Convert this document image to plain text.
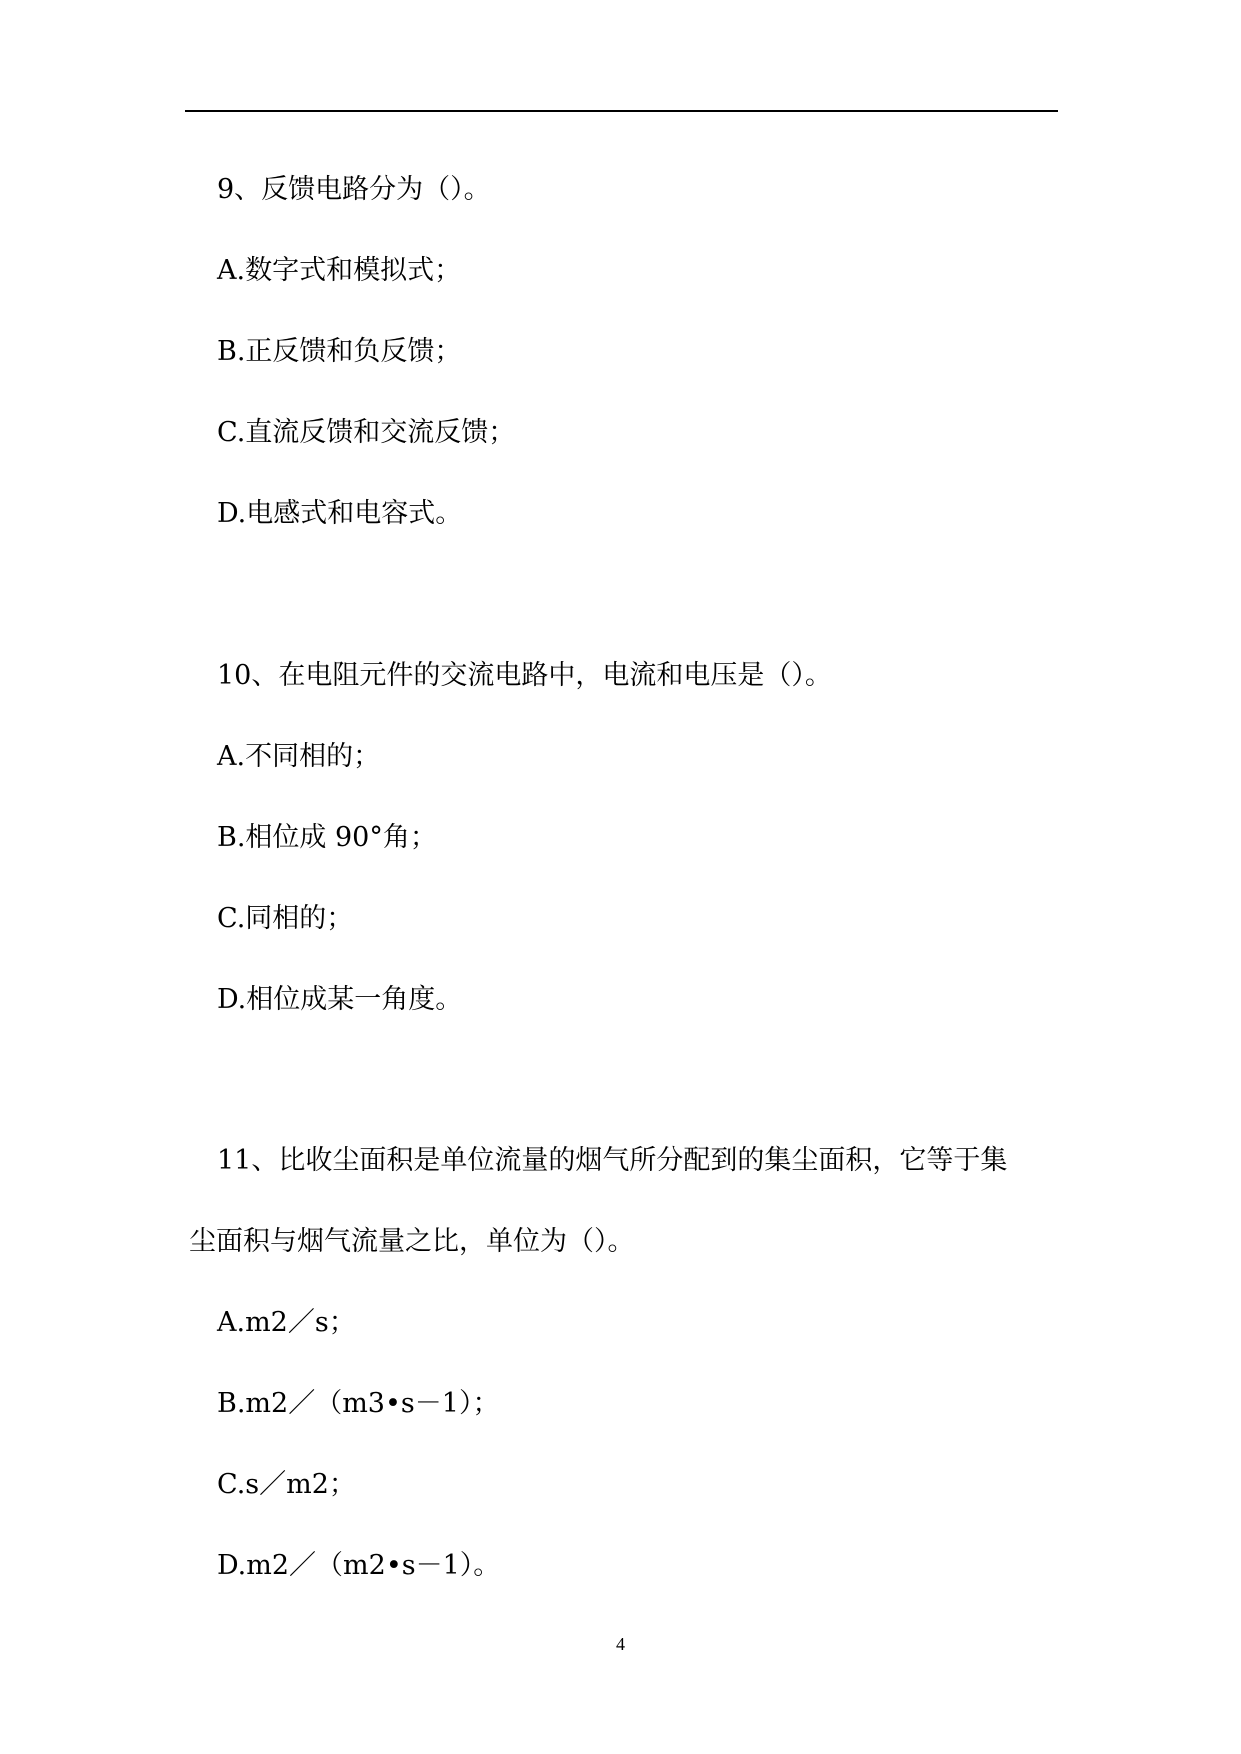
9、反馈电路分为（）。
A.数字式和模拟式；
B.正反馈和负反馈；
C.直流反馈和交流反馈；
D.电感式和电容式。
10、在电阻元件的交流电路中，电流和电压是（）。
A.不同相的；
B.相位成 90°角；
C.同相的；
D.相位成某一角度。
11、比收尘面积是单位流量的烟气所分配到的集尘面积，它等于集
尘面积与烟气流量之比，单位为（）。
A.m2／s；
B.m2／（m3•s－1）；
C.s／m2；
D.m2／（m2•s－1）。
4
